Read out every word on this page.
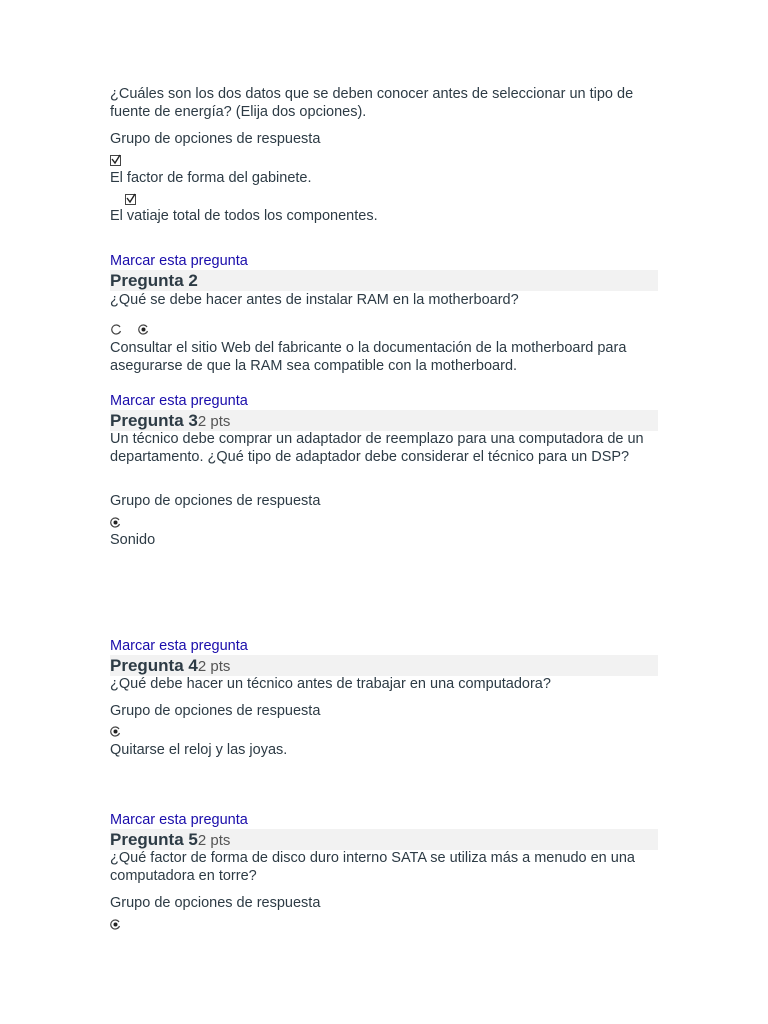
¿Cuáles son los dos datos que se deben conocer antes de seleccionar un tipo de fuente de energía? (Elija dos opciones).

Grupo de opciones de respuesta

El factor de forma del gabinete.

El vatiaje total de todos los componentes.

Marcar esta pregunta
Pregunta 2

¿Qué se debe hacer antes de instalar RAM en la motherboard?

Consultar el sitio Web del fabricante o la documentación de la motherboard para asegurarse de que la RAM sea compatible con la motherboard.

Marcar esta pregunta
Pregunta 32 pts

Un técnico debe comprar un adaptador de reemplazo para una computadora de un departamento. ¿Qué tipo de adaptador debe considerar el técnico para un DSP?

Grupo de opciones de respuesta

Sonido

Marcar esta pregunta
Pregunta 42 pts

¿Qué debe hacer un técnico antes de trabajar en una computadora?

Grupo de opciones de respuesta

Quitarse el reloj y las joyas.

Marcar esta pregunta
Pregunta 52 pts

¿Qué factor de forma de disco duro interno SATA se utiliza más a menudo en una computadora en torre?

Grupo de opciones de respuesta
